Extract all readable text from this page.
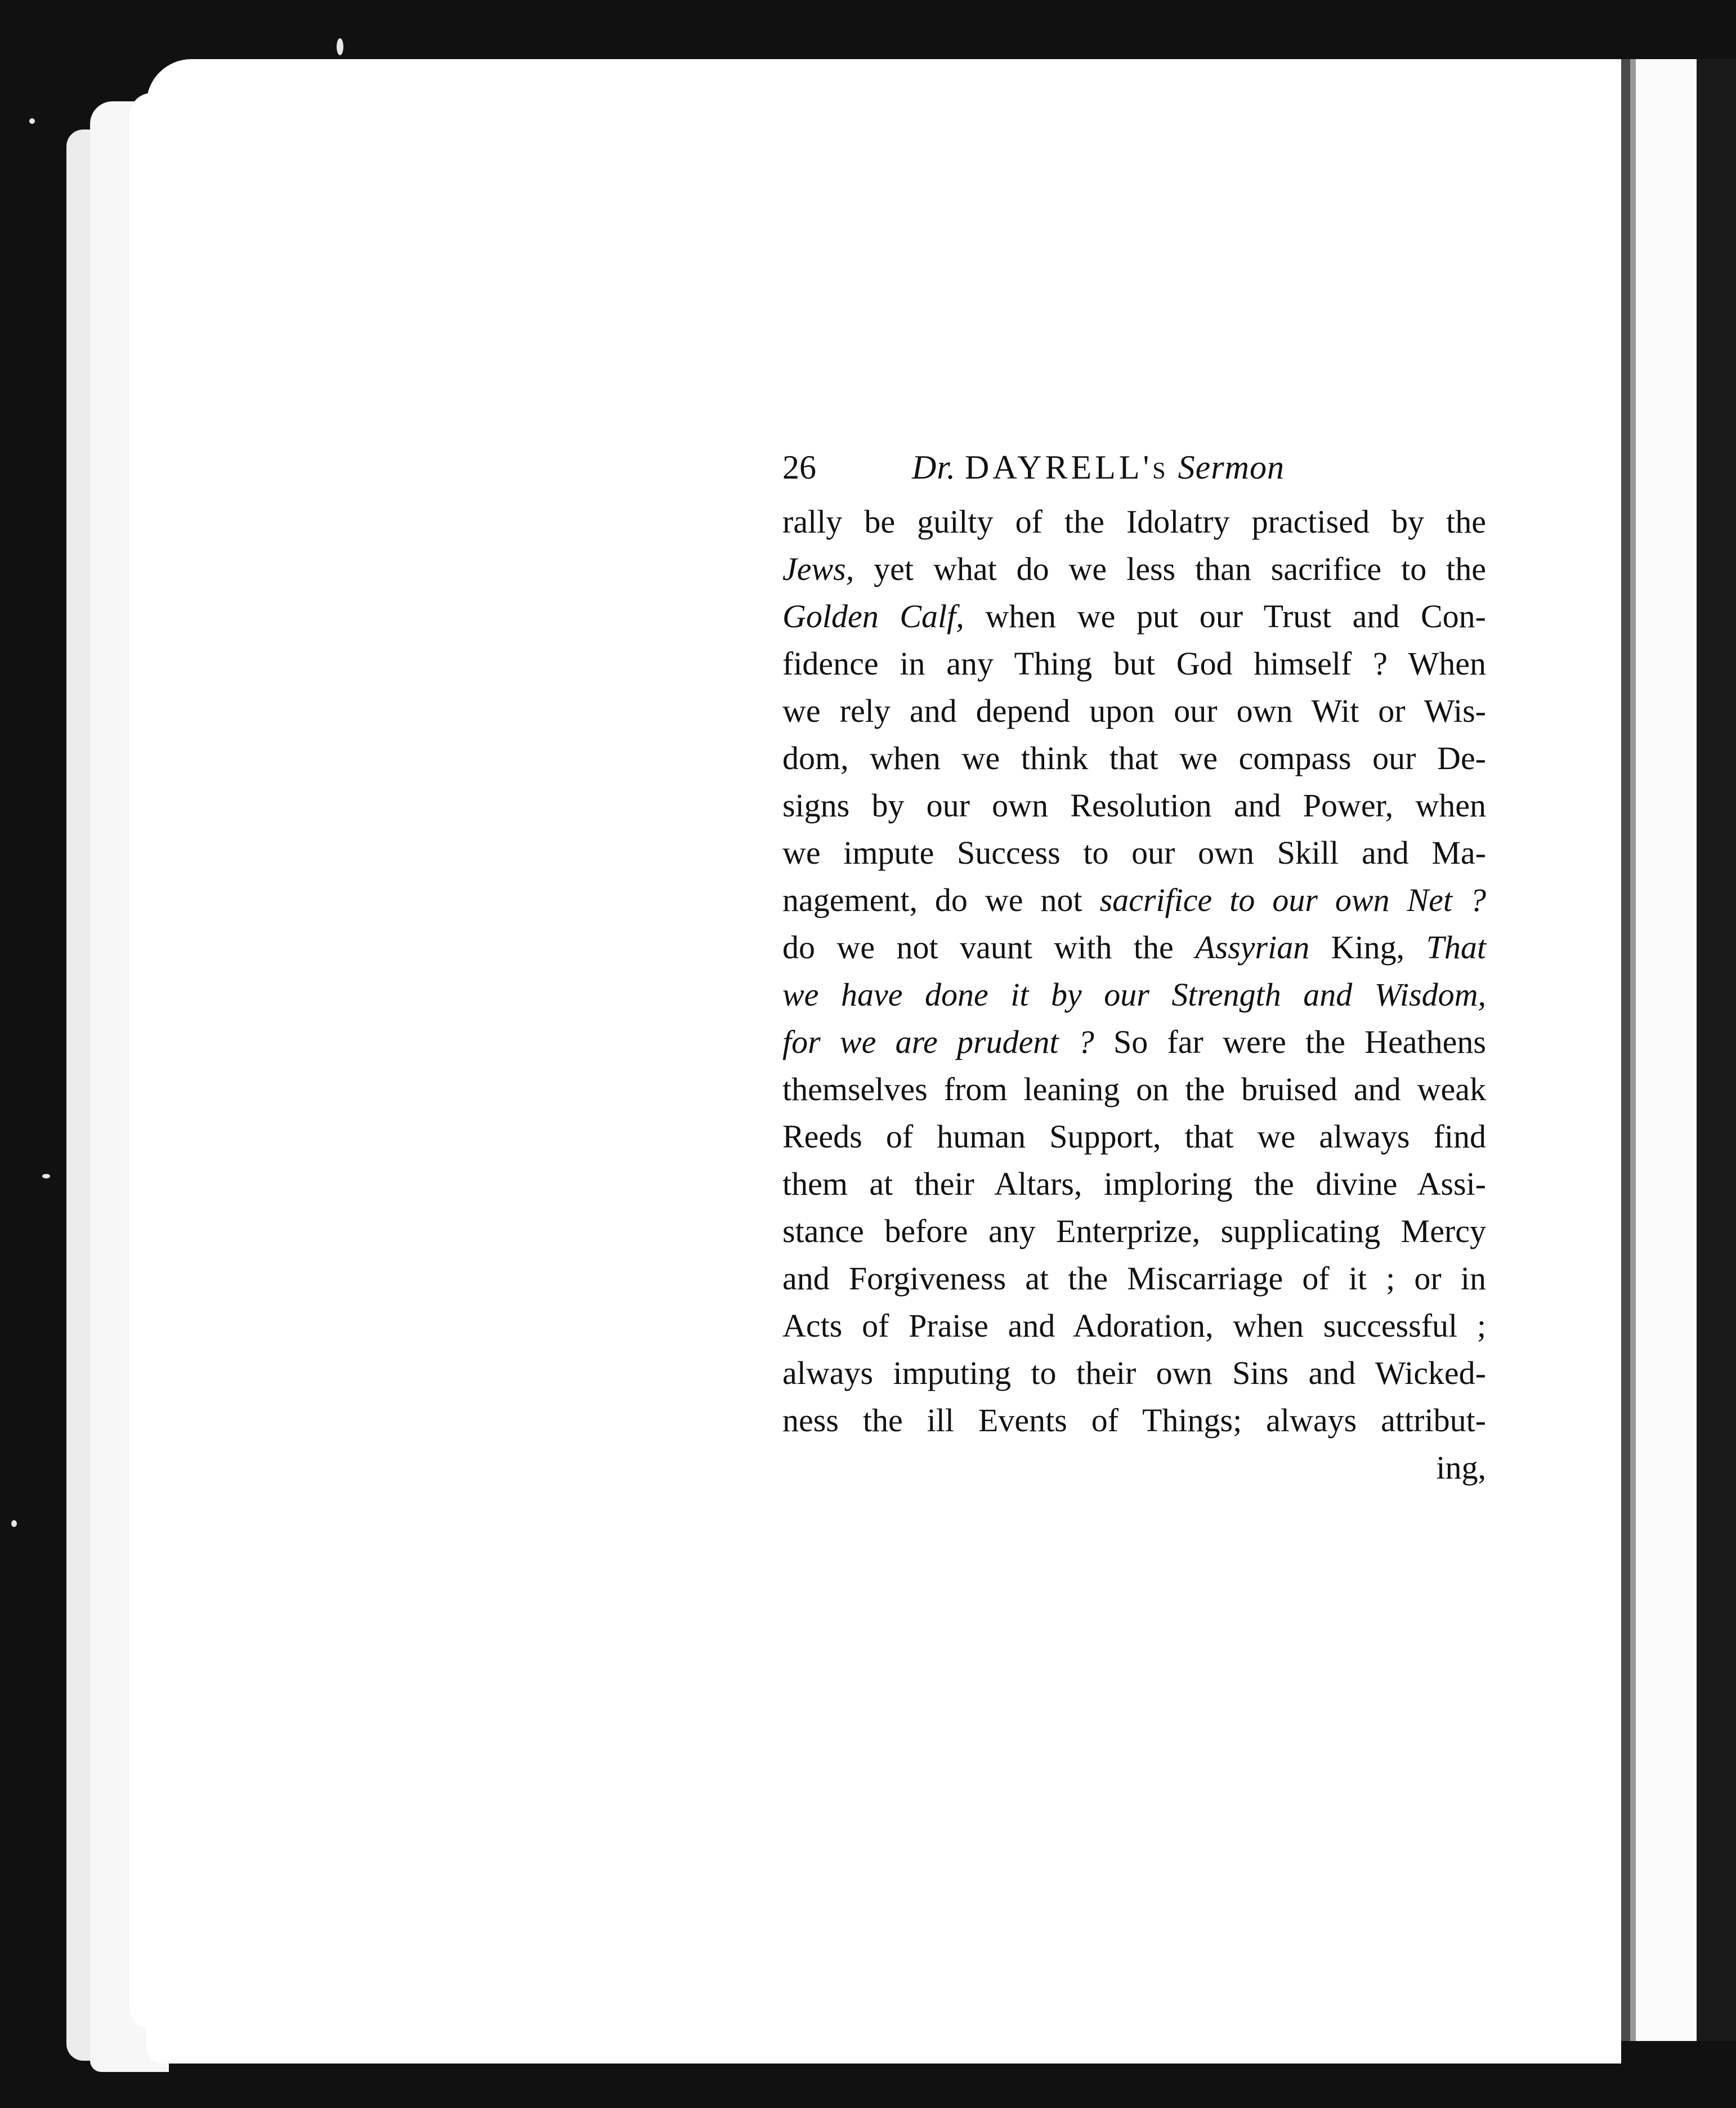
26	Dr. DAYRELL's Sermon
rally be guilty of the Idolatry practised by the
Jews, yet what do we less than sacrifice to the
Golden Calf, when we put our Trust and Con-
fidence in any Thing but God himself ? When
we rely and depend upon our own Wit or Wis-
dom, when we think that we compass our De-
signs by our own Resolution and Power, when
we impute Success to our own Skill and Ma-
nagement, do we not sacrifice to our own Net ?
do we not vaunt with the Assyrian King, That
we have done it by our Strength and Wisdom,
for we are prudent ? So far were the Heathens
themselves from leaning on the bruised and weak
Reeds of human Support, that we always find
them at their Altars, imploring the divine Assi-
stance before any Enterprize, supplicating Mercy
and Forgiveness at the Miscarriage of it ; or in
Acts of Praise and Adoration, when successful ;
always imputing to their own Sins and Wicked-
ness the ill Events of Things; always attribut-
ing,
